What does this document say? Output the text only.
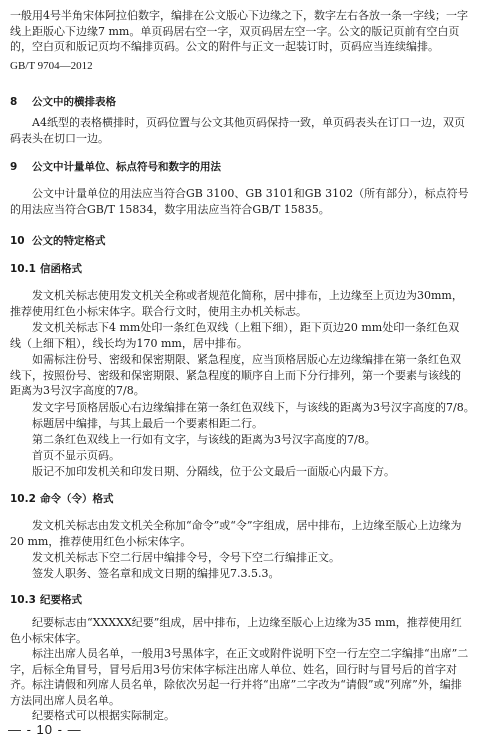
一般用4号半角宋体阿拉伯数字，编排在公文版心下边缘之下，数字左右各放一条一字线；一字线上距版心下边缘7 mm。单页码居右空一字，双页码居左空一字。公文的版记页前有空白页的，空白页和版记页均不编排页码。公文的附件与正文一起装订时，页码应当连续编排。

GB/T 9704—2012

8 公文中的横排表格

A4纸型的表格横排时，页码位置与公文其他页码保持一致，单页码表头在订口一边，双页码表头在切口一边。

9 公文中计量单位、标点符号和数字的用法

公文中计量单位的用法应当符合GB 3100、GB 3101和GB 3102（所有部分），标点符号的用法应当符合GB/T 15834，数字用法应当符合GB/T 15835。

10 公文的特定格式
10.1 信函格式

发文机关标志使用发文机关全称或者规范化简称，居中排布，上边缘至上页边为30mm，推荐使用红色小标宋体字。联合行文时，使用主办机关标志。

发文机关标志下4 mm处印一条红色双线（上粗下细），距下页边20 mm处印一条红色双线（上细下粗），线长均为170 mm，居中排布。

如需标注份号、密级和保密期限、紧急程度，应当顶格居版心左边缘编排在第一条红色双线下，按照份号、密级和保密期限、紧急程度的顺序自上而下分行排列，第一个要素与该线的距离为3号汉字高度的7/8。

发文字号顶格居版心右边缘编排在第一条红色双线下，与该线的距离为3号汉字高度的7/8。

标题居中编排，与其上最后一个要素相距二行。

第二条红色双线上一行如有文字，与该线的距离为3号汉字高度的7/8。

首页不显示页码。

版记不加印发机关和印发日期、分隔线，位于公文最后一面版心内最下方。

10.2 命令（令）格式

发文机关标志由发文机关全称加“命令”或“令”字组成，居中排布，上边缘至版心上边缘为20 mm，推荐使用红色小标宋体字。

发文机关标志下空二行居中编排令号，令号下空二行编排正文。

签发人职务、签名章和成文日期的编排见7.3.5.3。

10.3 纪要格式

纪要标志由“XXXXX纪要”组成，居中排布，上边缘至版心上边缘为35 mm，推荐使用红色小标宋体字。

标注出席人员名单，一般用3号黑体字，在正文或附件说明下空一行左空二字编排“出席”二字，后标全角冒号，冒号后用3号仿宋体字标注出席人单位、姓名，回行时与冒号后的首字对齐。 标注请假和列席人员名单，除依次另起一行并将“出席”二字改为“请假”或“列席”外，编排方法同出席人员名单。

纪要格式可以根据实际制定。

— - 10 - —
